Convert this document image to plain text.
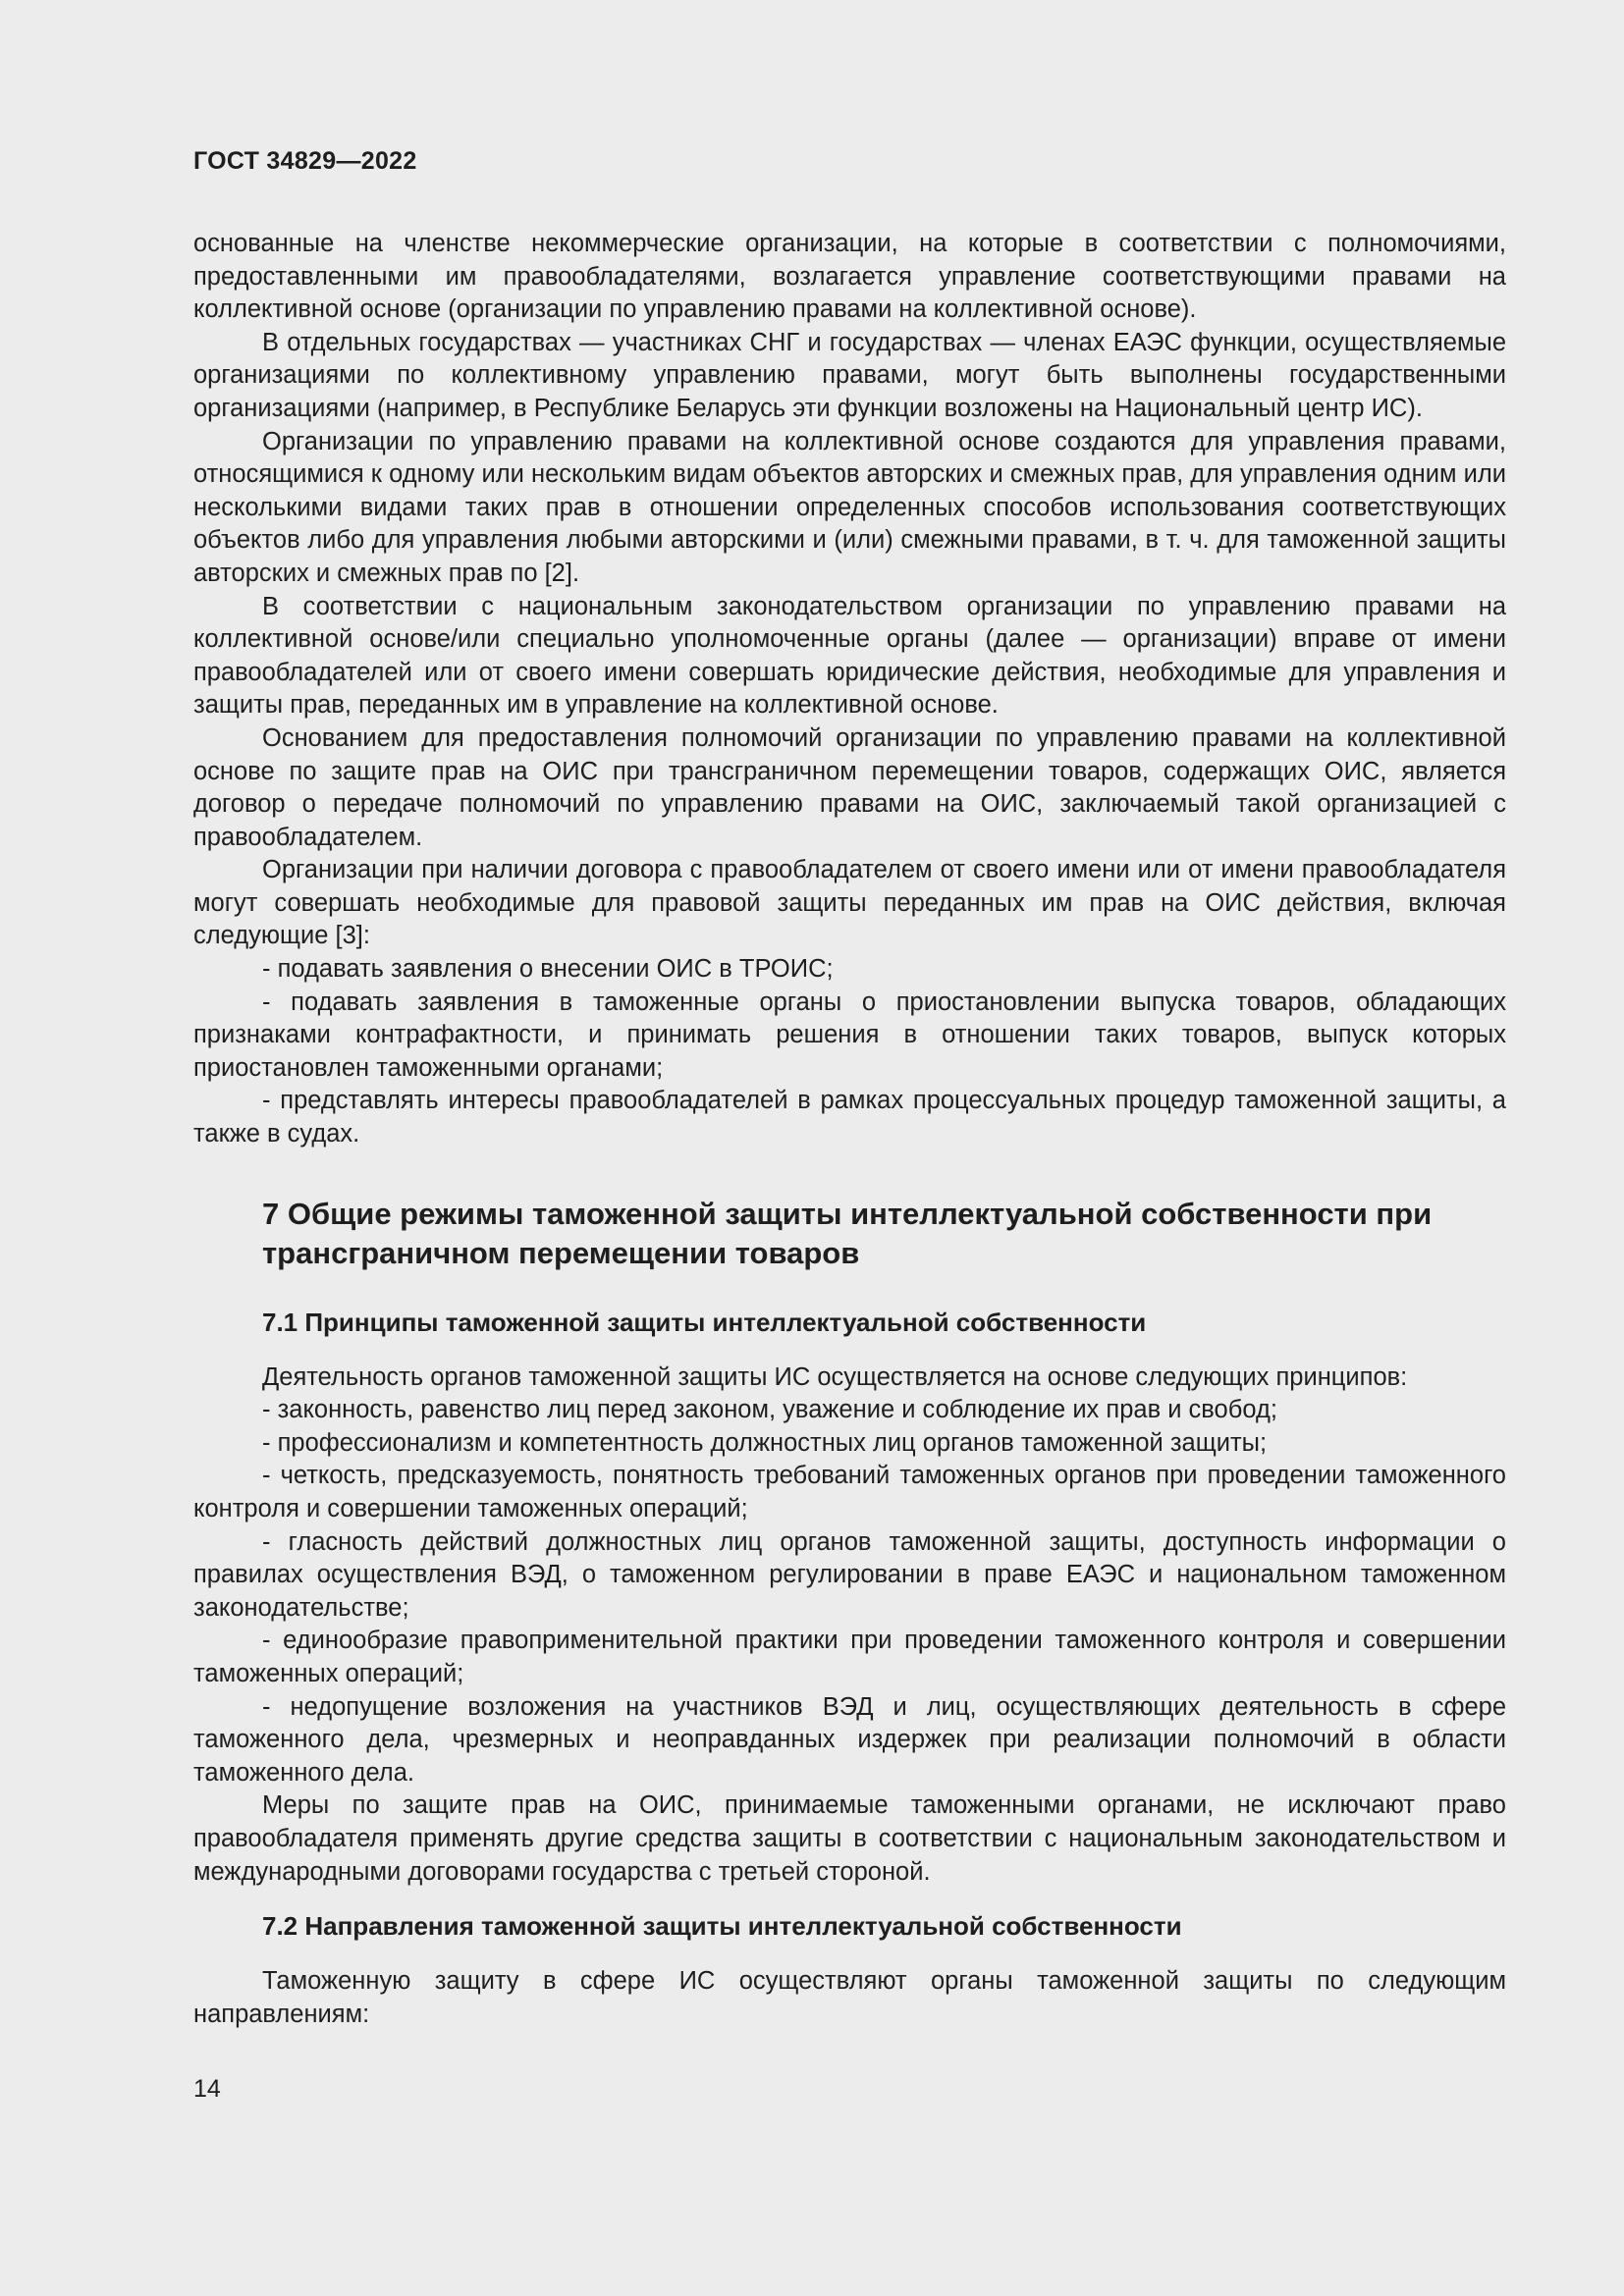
ГОСТ 34829—2022

основанные на членстве некоммерческие организации, на которые в соответствии с полномочиями, предоставленными им правообладателями, возлагается управление соответствующими правами на коллективной основе (организации по управлению правами на коллективной основе).

В отдельных государствах — участниках СНГ и государствах — членах ЕАЭС функции, осуществляемые организациями по коллективному управлению правами, могут быть выполнены государственными организациями (например, в Республике Беларусь эти функции возложены на Национальный центр ИС).

Организации по управлению правами на коллективной основе создаются для управления правами, относящимися к одному или нескольким видам объектов авторских и смежных прав, для управления одним или несколькими видами таких прав в отношении определенных способов использования соответствующих объектов либо для управления любыми авторскими и (или) смежными правами, в т. ч. для таможенной защиты авторских и смежных прав по [2].

В соответствии с национальным законодательством организации по управлению правами на коллективной основе/или специально уполномоченные органы (далее — организации) вправе от имени правообладателей или от своего имени совершать юридические действия, необходимые для управления и защиты прав, переданных им в управление на коллективной основе.

Основанием для предоставления полномочий организации по управлению правами на коллективной основе по защите прав на ОИС при трансграничном перемещении товаров, содержащих ОИС, является договор о передаче полномочий по управлению правами на ОИС, заключаемый такой организацией с правообладателем.

Организации при наличии договора с правообладателем от своего имени или от имени правообладателя могут совершать необходимые для правовой защиты переданных им прав на ОИС действия, включая следующие [3]:

- подавать заявления о внесении ОИС в ТРОИС;

- подавать заявления в таможенные органы о приостановлении выпуска товаров, обладающих признаками контрафактности, и принимать решения в отношении таких товаров, выпуск которых приостановлен таможенными органами;

- представлять интересы правообладателей в рамках процессуальных процедур таможенной защиты, а также в судах.

7 Общие режимы таможенной защиты интеллектуальной собственности при трансграничном перемещении товаров
7.1 Принципы таможенной защиты интеллектуальной собственности

Деятельность органов таможенной защиты ИС осуществляется на основе следующих принципов:

- законность, равенство лиц перед законом, уважение и соблюдение их прав и свобод;

- профессионализм и компетентность должностных лиц органов таможенной защиты;

- четкость, предсказуемость, понятность требований таможенных органов при проведении таможенного контроля и совершении таможенных операций;

- гласность действий должностных лиц органов таможенной защиты, доступность информации о правилах осуществления ВЭД, о таможенном регулировании в праве ЕАЭС и национальном таможенном законодательстве;

- единообразие правоприменительной практики при проведении таможенного контроля и совершении таможенных операций;

- недопущение возложения на участников ВЭД и лиц, осуществляющих деятельность в сфере таможенного дела, чрезмерных и неоправданных издержек при реализации полномочий в области таможенного дела.

Меры по защите прав на ОИС, принимаемые таможенными органами, не исключают право правообладателя применять другие средства защиты в соответствии с национальным законодательством и международными договорами государства с третьей стороной.

7.2 Направления таможенной защиты интеллектуальной собственности

Таможенную защиту в сфере ИС осуществляют органы таможенной защиты по следующим направлениям:

14
